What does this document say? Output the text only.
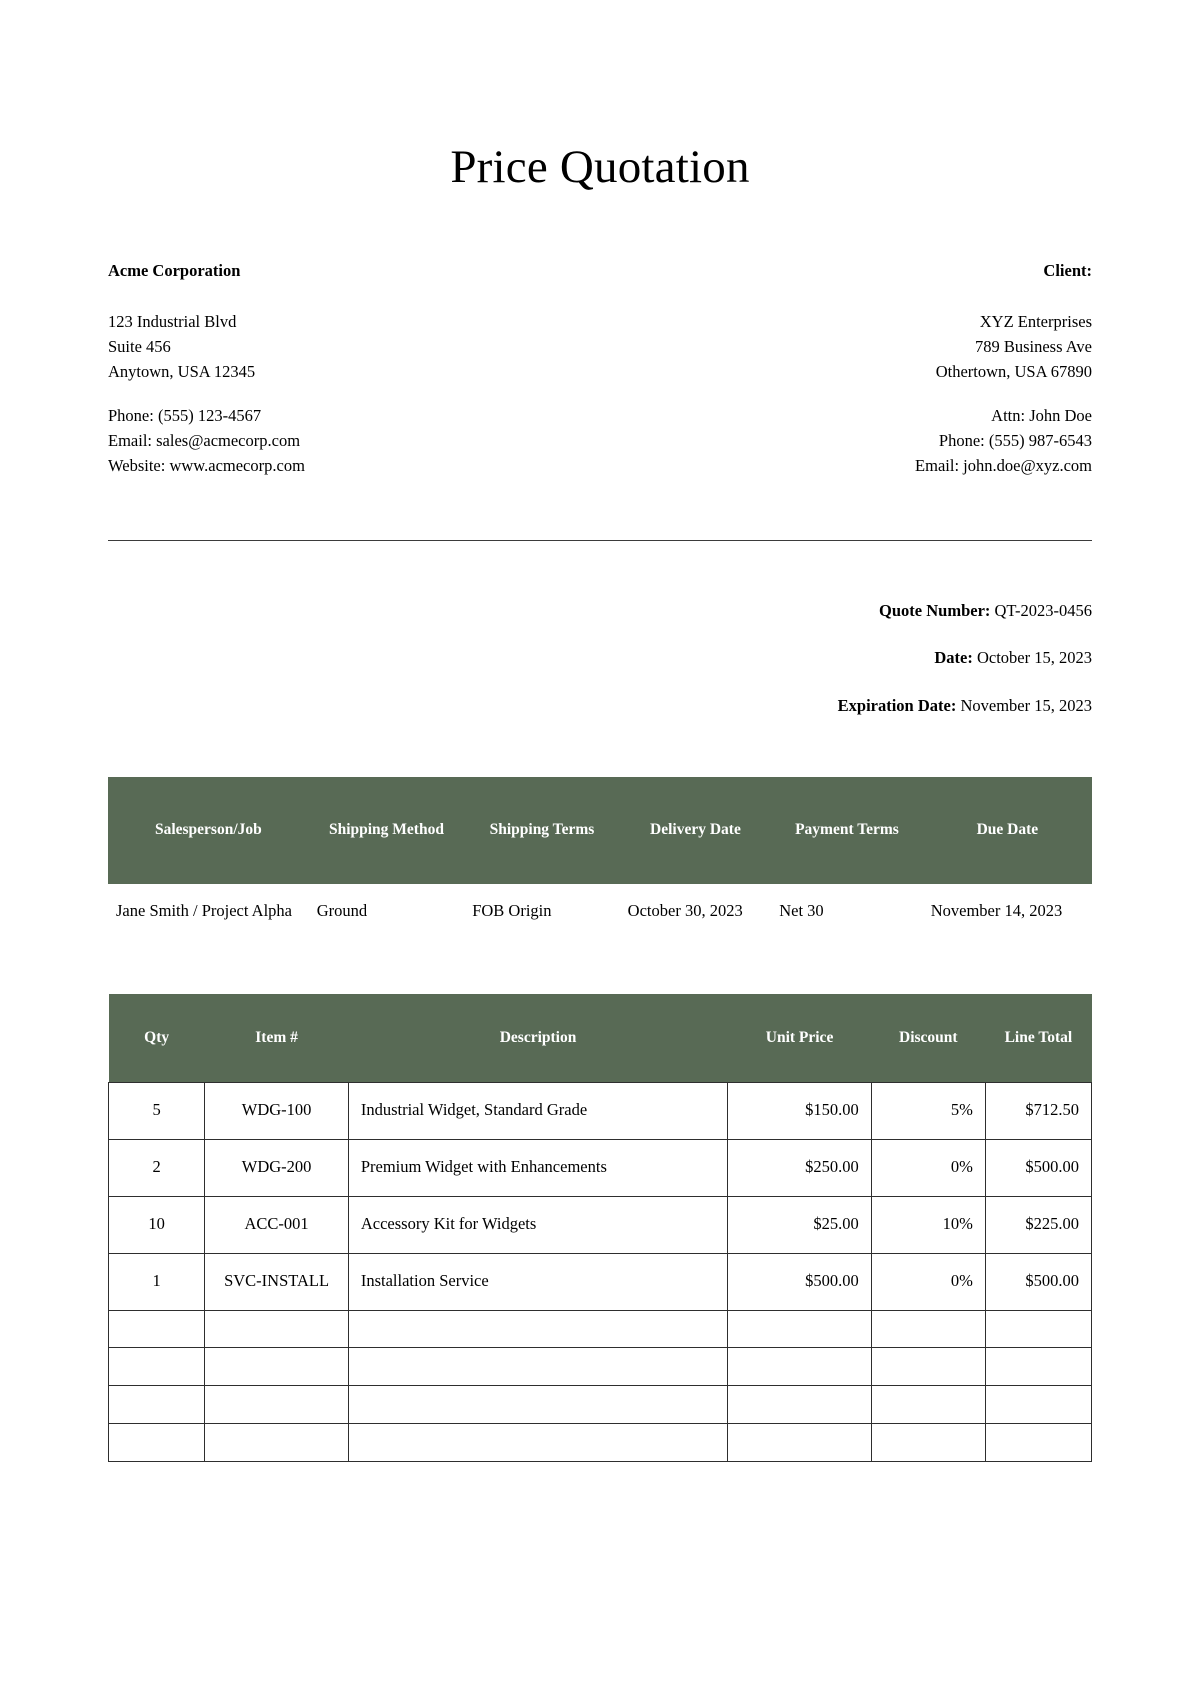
Price Quotation

Acme Corporation

123 Industrial Blvd

Suite 456

Anytown, USA 12345

Phone: (555) 123-4567

Email: sales@acmecorp.com

Website: www.acmecorp.com

Client:

XYZ Enterprises

789 Business Ave

Othertown, USA 67890

Attn: John Doe

Phone: (555) 987-6543

Email: john.doe@xyz.com

Quote Number: QT-2023-0456
Date: October 15, 2023
Expiration Date: November 15, 2023
Salesperson/Job	Shipping Method	Shipping Terms	Delivery Date	Payment Terms	Due Date
Jane Smith / Project Alpha	Ground	FOB Origin	October 30, 2023	Net 30	November 14, 2023
Qty	Item #	Description	Unit Price	Discount	Line Total
5	WDG-100	Industrial Widget, Standard Grade	$150.00	5%	$712.50
2	WDG-200	Premium Widget with Enhancements	$250.00	0%	$500.00
10	ACC-001	Accessory Kit for Widgets	$25.00	10%	$225.00
1	SVC-INSTALL	Installation Service	$500.00	0%	$500.00
